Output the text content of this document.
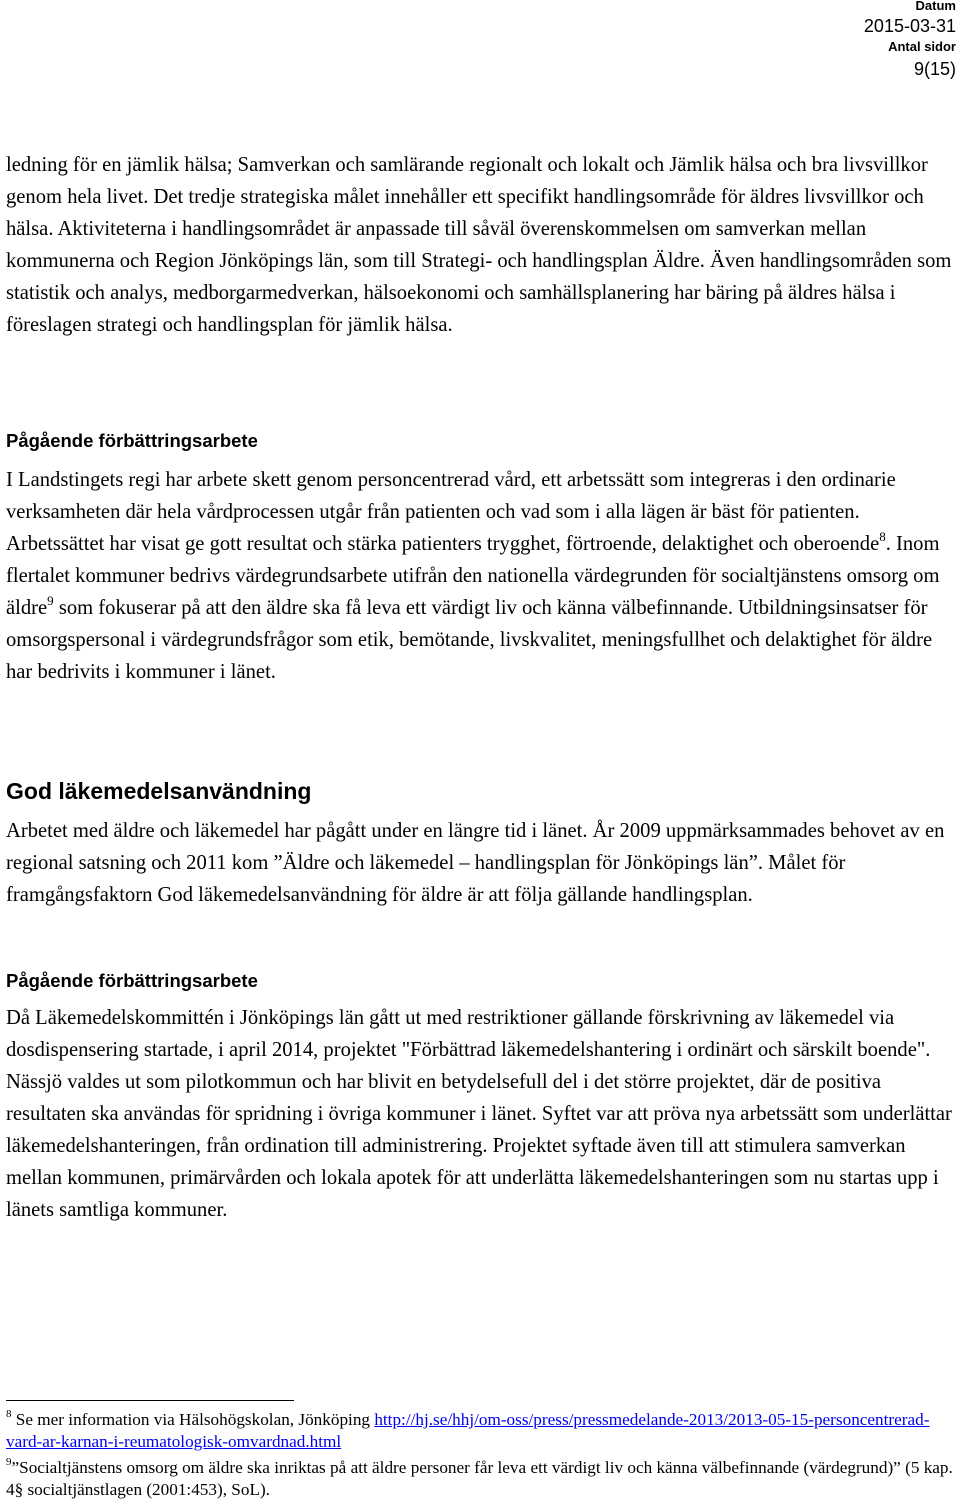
Datum
2015-03-31
Antal sidor
9(15)

ledning för en jämlik hälsa; Samverkan och samlärande regionalt och lokalt och Jämlik hälsa och bra livsvillkor genom hela livet. Det tredje strategiska målet innehåller ett specifikt handlingsområde för äldres livsvillkor och hälsa. Aktiviteterna i handlingsområdet är anpassade till såväl överenskommelsen om samverkan mellan kommunerna och Region Jönköpings län, som till Strategi- och handlingsplan Äldre. Även handlingsområden som statistik och analys, medborgarmedverkan, hälsoekonomi och samhällsplanering har bäring på äldres hälsa i föreslagen strategi och handlingsplan för jämlik hälsa.

Pågående förbättringsarbete

I Landstingets regi har arbete skett genom personcentrerad vård, ett arbetssätt som integreras i den ordinarie verksamheten där hela vårdprocessen utgår från patienten och vad som i alla lägen är bäst för patienten. Arbetssättet har visat ge gott resultat och stärka patienters trygghet, förtroende, delaktighet och oberoende$^8$. Inom flertalet kommuner bedrivs värdegrundsarbete utifrån den nationella värdegrunden för socialtjänstens omsorg om äldre$^9$ som fokuserar på att den äldre ska få leva ett värdigt liv och känna välbefinnande. Utbildningsinsatser för omsorgspersonal i värdegrundsfrågor som etik, bemötande, livskvalitet, meningsfullhet och delaktighet för äldre har bedrivits i kommuner i länet.

God läkemedelsanvändning

Arbetet med äldre och läkemedel har pågått under en längre tid i länet. År 2009 uppmärksammades behovet av en regional satsning och 2011 kom ”Äldre och läkemedel – handlingsplan för Jönköpings län”. Målet för framgångsfaktorn God läkemedelsanvändning för äldre är att följa gällande handlingsplan.

Pågående förbättringsarbete

Då Läkemedelskommittén i Jönköpings län gått ut med restriktioner gällande förskrivning av läkemedel via dosdispensering startade, i april 2014, projektet "Förbättrad läkemedelshantering i ordinärt och särskilt boende". Nässjö valdes ut som pilotkommun och har blivit en betydelsefull del i det större projektet, där de positiva resultaten ska användas för spridning i övriga kommuner i länet. Syftet var att pröva nya arbetssätt som underlättar läkemedelshanteringen, från ordination till administrering. Projektet syftade även till att stimulera samverkan mellan kommunen, primärvården och lokala apotek för att underlätta läkemedelshanteringen som nu startas upp i länets samtliga kommuner.

$^8$ Se mer information via Hälsohögskolan, Jönköping http://hj.se/hhj/om-oss/press/pressmedelande-2013/2013-05-15-personcentrerad-vard-ar-karnan-i-reumatologisk-omvardnad.html

$^9$”Socialtjänstens omsorg om äldre ska inriktas på att äldre personer får leva ett värdigt liv och känna välbefinnande (värdegrund)” (5 kap. 4§ socialtjänstlagen (2001:453), SoL).
